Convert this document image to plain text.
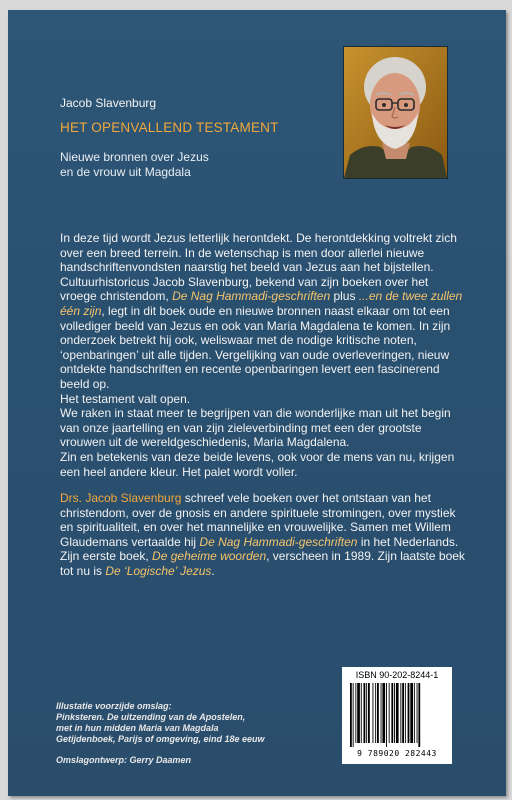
Jacob Slavenburg
HET OPENVALLEND TESTAMENT
Nieuwe bronnen over Jezus
en de vrouw uit Magdala

In deze tijd wordt Jezus letterlijk herontdekt. De herontdekking voltrekt zich over een breed terrein. In de wetenschap is men door allerlei nieuwe handschriftenvondsten naarstig het beeld van Jezus aan het bijstellen.

Cultuurhistoricus Jacob Slavenburg, bekend van zijn boeken over het vroege christendom, De Nag Hammadi-geschriften plus ...en de twee zullen één zijn, legt in dit boek oude en nieuwe bronnen naast elkaar om tot een vollediger beeld van Jezus en ook van Maria Magdalena te komen. In zijn onderzoek betrekt hij ook, weliswaar met de nodige kritische noten, ‘openbaringen’ uit alle tijden. Vergelijking van oude overleveringen, nieuw ontdekte handschriften en recente openbaringen levert een fascinerend beeld op.

Het testament valt open.

We raken in staat meer te begrijpen van die wonderlijke man uit het begin van onze jaartelling en van zijn zieleverbinding met een der grootste vrouwen uit de wereldgeschiedenis, Maria Magdalena.

Zin en betekenis van deze beide levens, ook voor de mens van nu, krijgen een heel andere kleur. Het palet wordt voller.

Drs. Jacob Slavenburg schreef vele boeken over het ontstaan van het christendom, over de gnosis en andere spirituele stromingen, over mystiek en spiritualiteit, en over het mannelijke en vrouwelijke. Samen met Willem Glaudemans vertaalde hij De Nag Hammadi-geschriften in het Nederlands. Zijn eerste boek, De geheime woorden, verscheen in 1989. Zijn laatste boek tot nu is De ‘Logische’ Jezus.

Illustatie voorzijde omslag:
Pinksteren. De uitzending van de Apostelen,
met in hun midden Maria van Magdala
Getijdenboek, Parijs of omgeving, eind 18e eeuw
Omslagontwerp: Gerry Daamen
ISBN 90-202-8244-1
9 789020 282443
